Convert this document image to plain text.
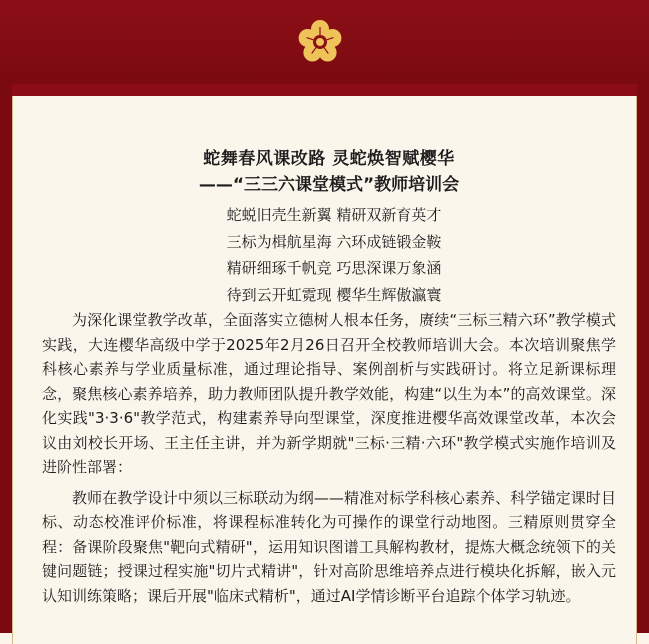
蛇舞春风课改路 灵蛇焕智赋樱华

——“三三六课堂模式”教师培训会

蛇蜕旧壳生新翼 精研双新育英才
三标为楫航星海 六环成链锻金鞍
精研细琢千帆竞 巧思深课万象涵
待到云开虹霓现 樱华生辉傲瀛寰

为深化课堂教学改革，全面落实立德树人根本任务，赓续“三标三精六环”教学模式实践，大连樱华高级中学于2025年2月26日召开全校教师培训大会。本次培训聚焦学科核心素养与学业质量标准，通过理论指导、案例剖析与实践研讨。将立足新课标理念，聚焦核心素养培养，助力教师团队提升教学效能，构建“以生为本”的高效课堂。深化实践"3·3·6"教学范式，构建素养导向型课堂，深度推进樱华高效课堂改革，本次会议由刘校长开场、王主任主讲，并为新学期就"三标·三精·六环"教学模式实施作培训及进阶性部署：

教师在教学设计中须以三标联动为纲——精准对标学科核心素养、科学锚定课时目标、动态校准评价标准，将课程标准转化为可操作的课堂行动地图。三精原则贯穿全程：备课阶段聚焦"靶向式精研"，运用知识图谱工具解构教材，提炼大概念统领下的关键问题链；授课过程实施"切片式精讲"，针对高阶思维培养点进行模块化拆解，嵌入元认知训练策略；课后开展"临床式精析"，通过AI学情诊断平台追踪个体学习轨迹。
